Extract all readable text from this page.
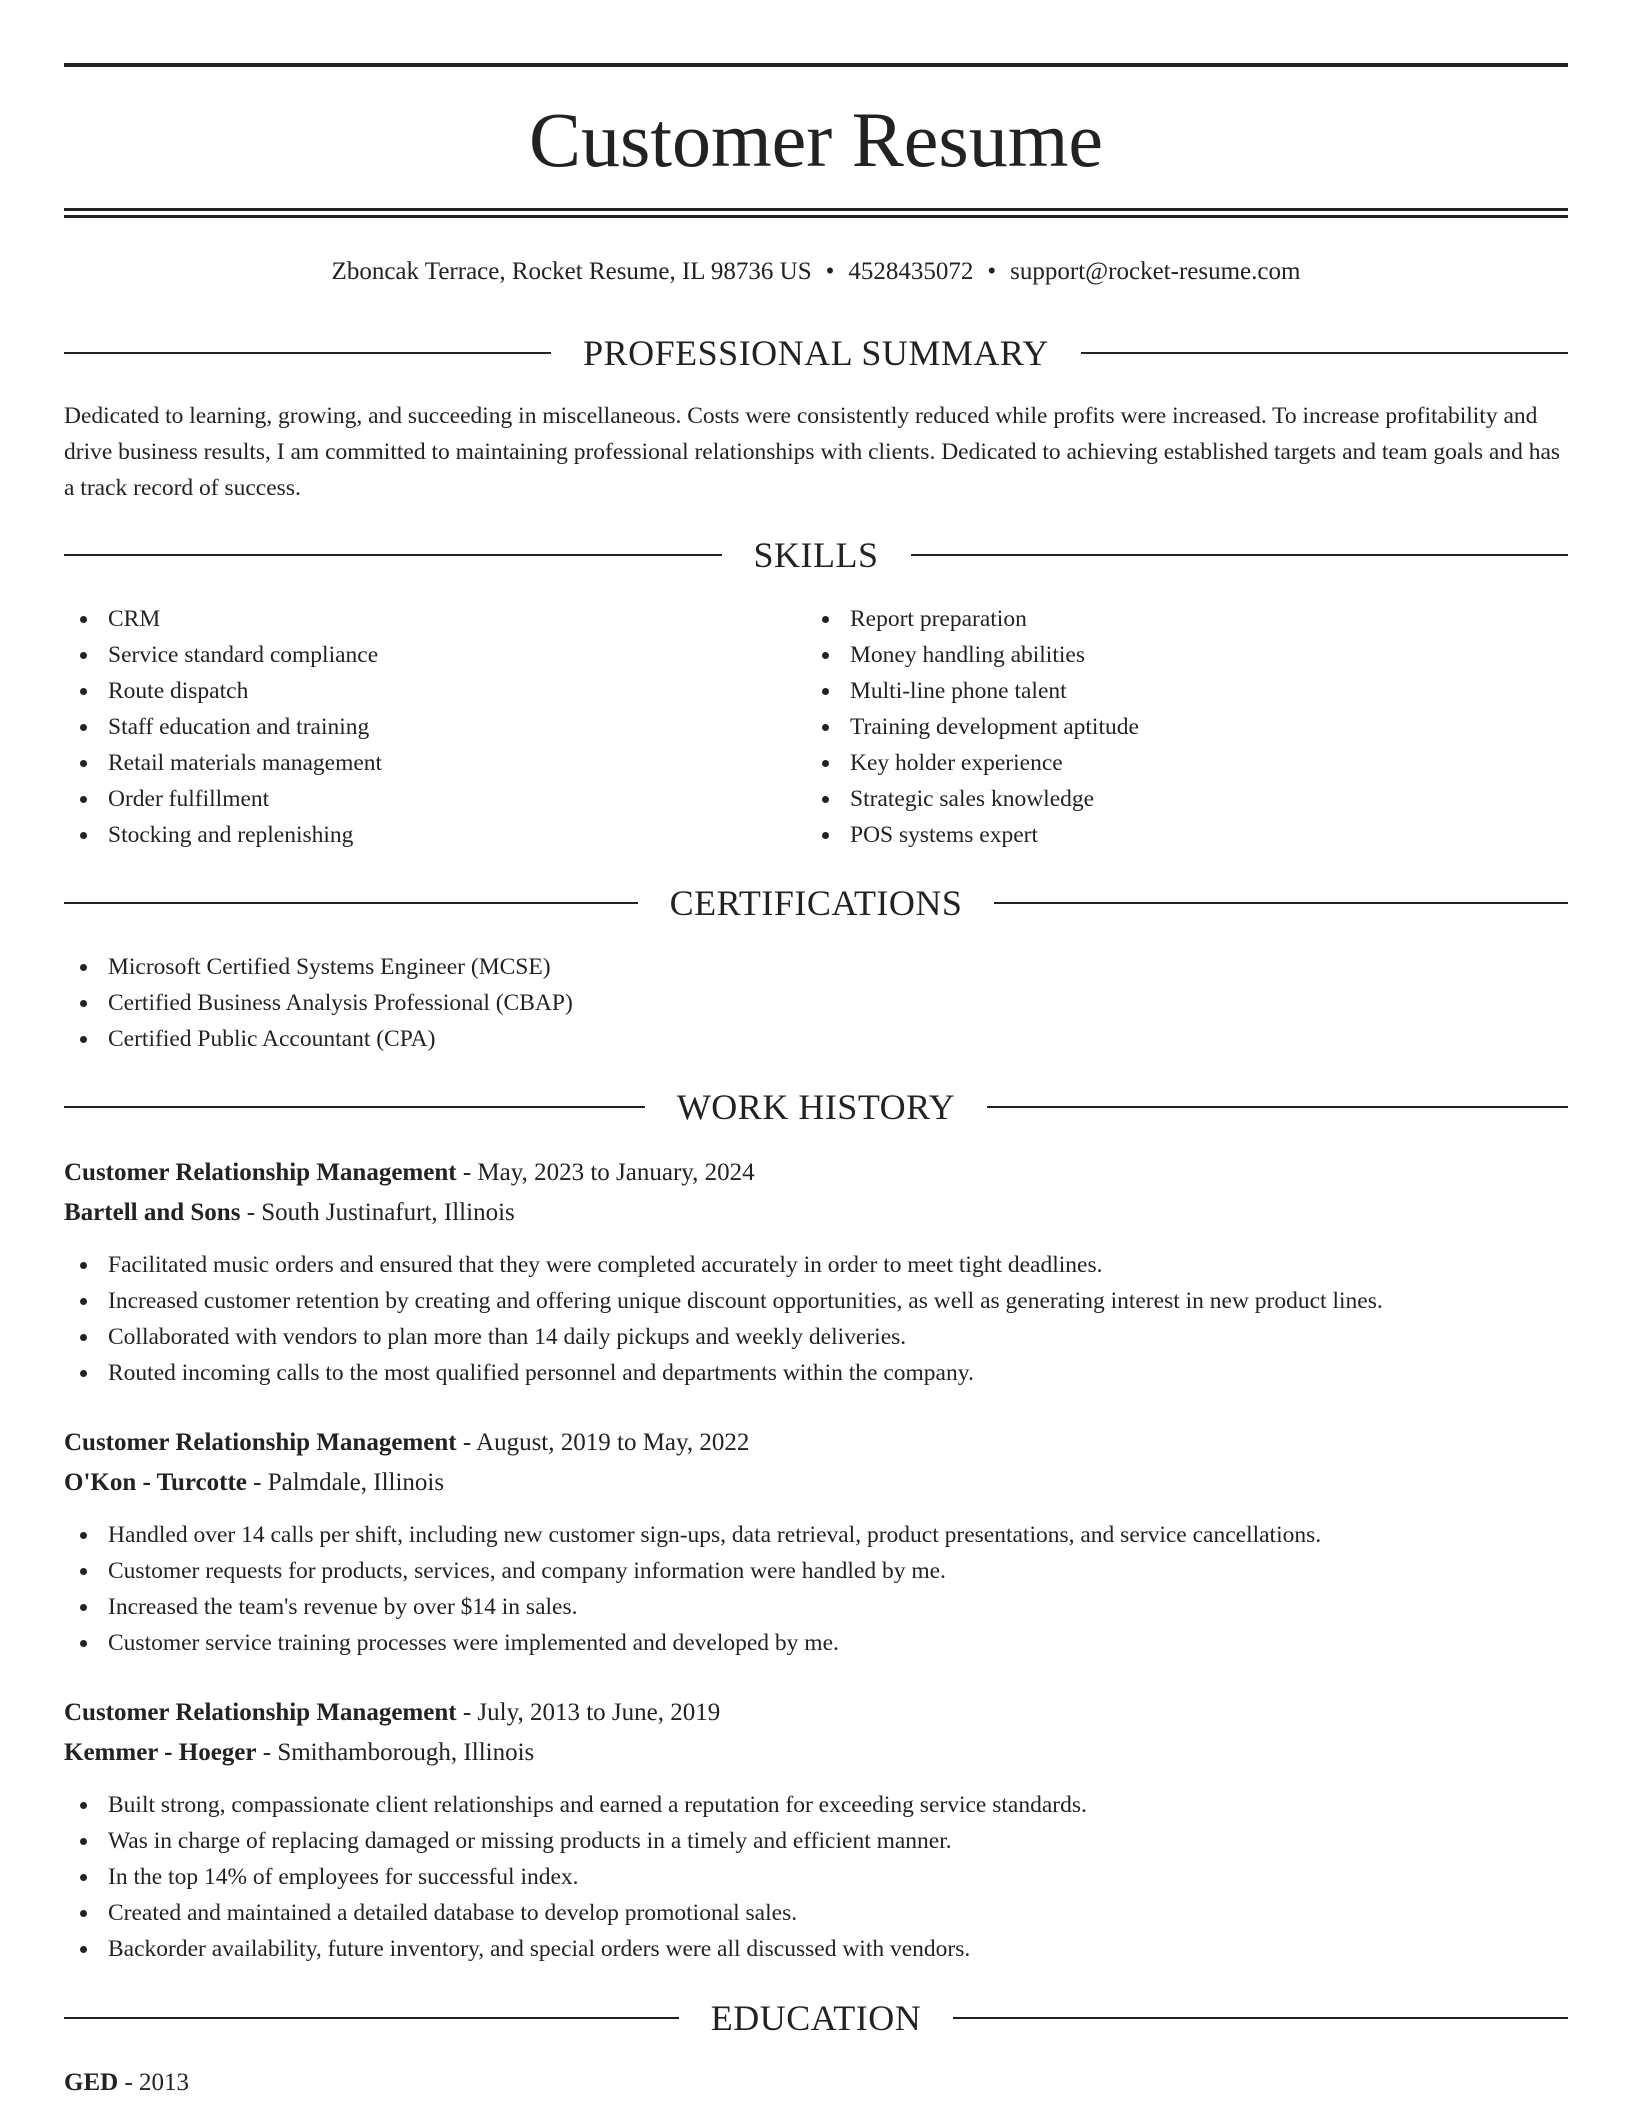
Customer Resume
Zboncak Terrace, Rocket Resume, IL 98736 US • 4528435072 • support@rocket-resume.com
PROFESSIONAL SUMMARY
Dedicated to learning, growing, and succeeding in miscellaneous. Costs were consistently reduced while profits were increased. To increase profitability and drive business results, I am committed to maintaining professional relationships with clients. Dedicated to achieving established targets and team goals and has a track record of success.
SKILLS
CRM
Service standard compliance
Route dispatch
Staff education and training
Retail materials management
Order fulfillment
Stocking and replenishing
Report preparation
Money handling abilities
Multi-line phone talent
Training development aptitude
Key holder experience
Strategic sales knowledge
POS systems expert
CERTIFICATIONS
Microsoft Certified Systems Engineer (MCSE)
Certified Business Analysis Professional (CBAP)
Certified Public Accountant (CPA)
WORK HISTORY
Customer Relationship Management - May, 2023 to January, 2024
Bartell and Sons - South Justinafurt, Illinois
Facilitated music orders and ensured that they were completed accurately in order to meet tight deadlines.
Increased customer retention by creating and offering unique discount opportunities, as well as generating interest in new product lines.
Collaborated with vendors to plan more than 14 daily pickups and weekly deliveries.
Routed incoming calls to the most qualified personnel and departments within the company.
Customer Relationship Management - August, 2019 to May, 2022
O'Kon - Turcotte - Palmdale, Illinois
Handled over 14 calls per shift, including new customer sign-ups, data retrieval, product presentations, and service cancellations.
Customer requests for products, services, and company information were handled by me.
Increased the team's revenue by over $14 in sales.
Customer service training processes were implemented and developed by me.
Customer Relationship Management - July, 2013 to June, 2019
Kemmer - Hoeger - Smithamborough, Illinois
Built strong, compassionate client relationships and earned a reputation for exceeding service standards.
Was in charge of replacing damaged or missing products in a timely and efficient manner.
In the top 14% of employees for successful index.
Created and maintained a detailed database to develop promotional sales.
Backorder availability, future inventory, and special orders were all discussed with vendors.
EDUCATION
GED - 2013
